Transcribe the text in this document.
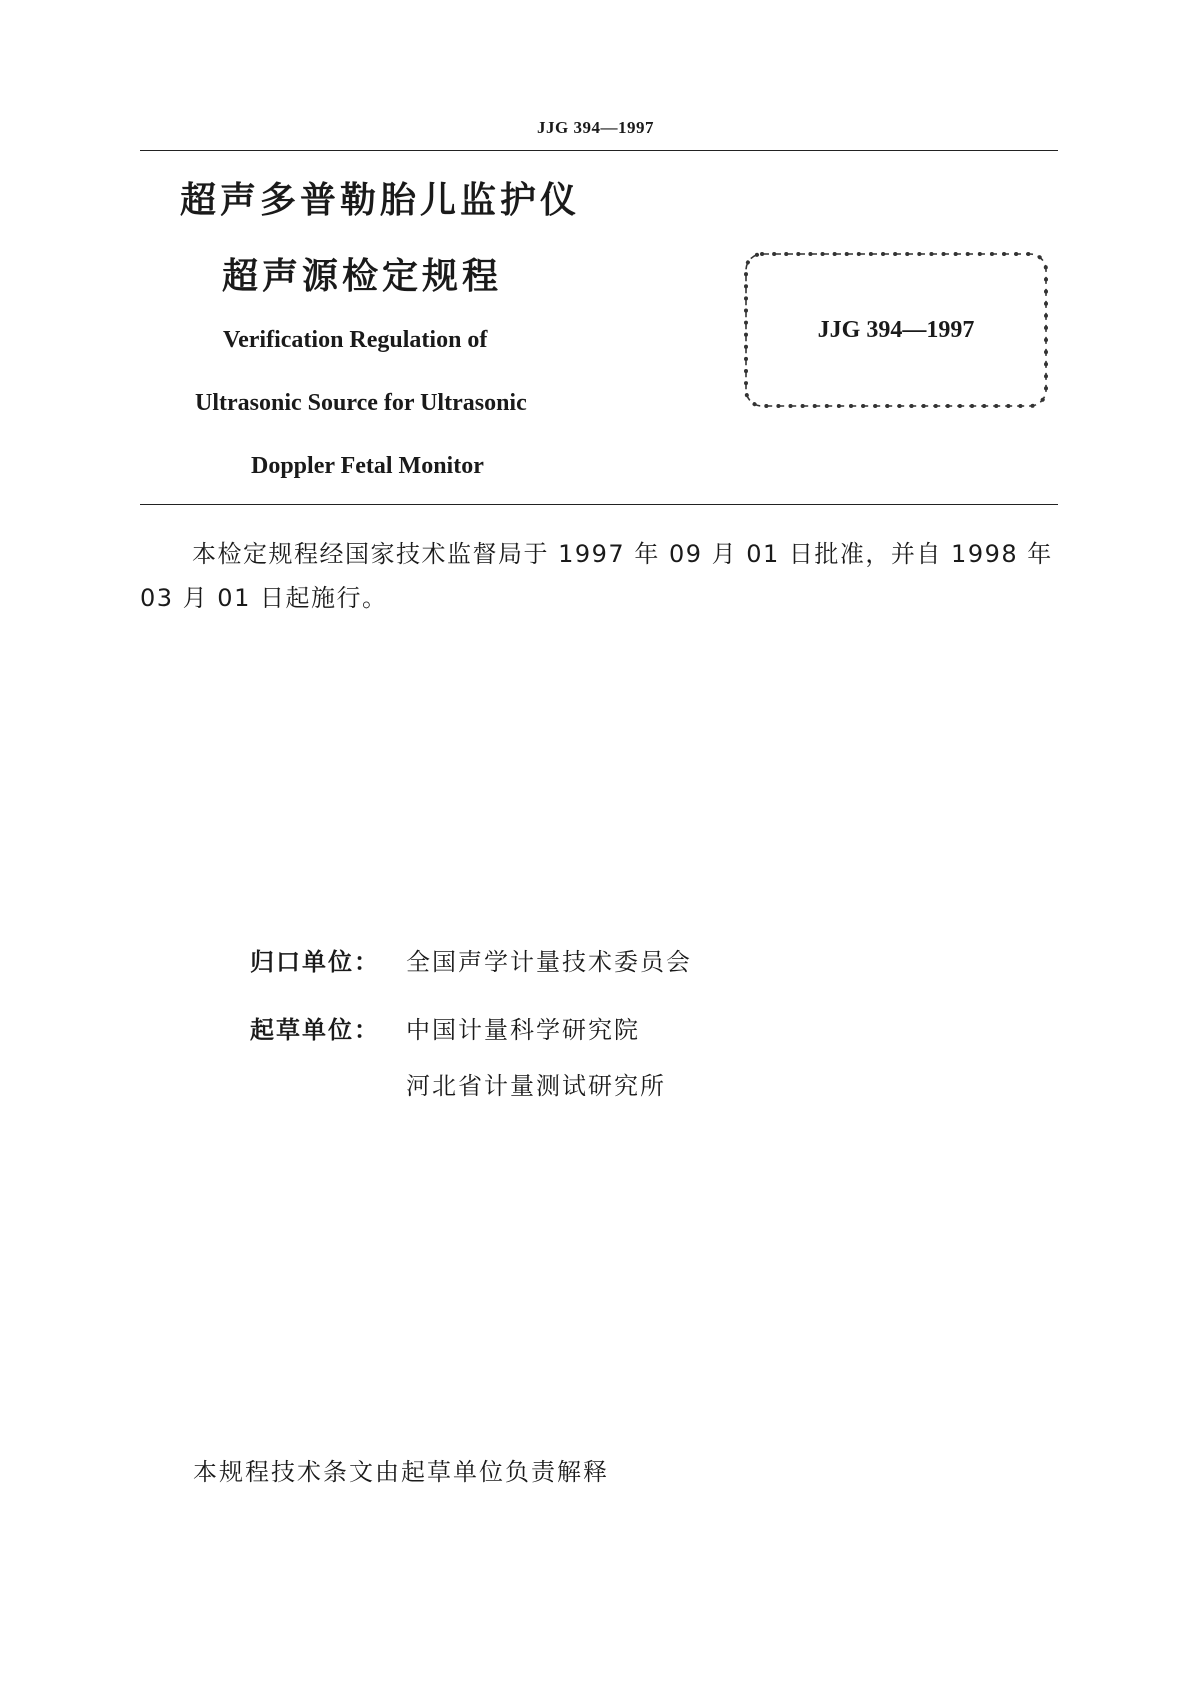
JJG 394—1997
超声多普勒胎儿监护仪
超声源检定规程
Verification Regulation of
Ultrasonic Source for Ultrasonic
Doppler Fetal Monitor
JJG 394—1997
本检定规程经国家技术监督局于 1997 年 09 月 01 日批准，并自 1998 年 03 月 01 日起施行。
归口单位： 全国声学计量技术委员会
起草单位： 中国计量科学研究院
河北省计量测试研究所
本规程技术条文由起草单位负责解释
